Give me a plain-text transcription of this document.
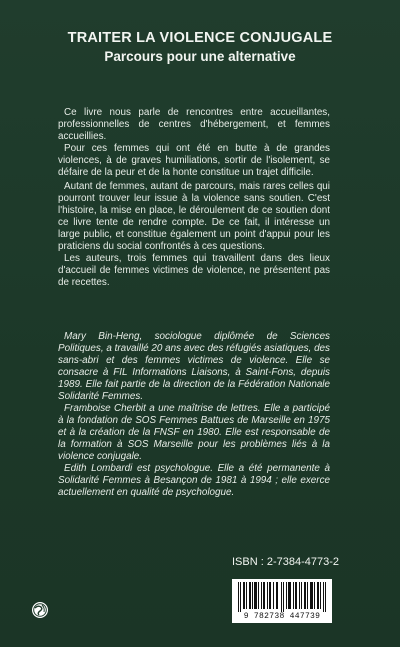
TRAITER LA VIOLENCE CONJUGALE
Parcours pour une alternative

Ce livre nous parle de rencontres entre accueillantes, professionnelles de centres d'hébergement, et femmes accueillies.

Pour ces femmes qui ont été en butte à de grandes violences, à de graves humiliations, sortir de l'isolement, se défaire de la peur et de la honte constitue un trajet difficile.

Autant de femmes, autant de parcours, mais rares celles qui pourront trouver leur issue à la violence sans soutien. C'est l'histoire, la mise en place, le déroulement de ce soutien dont ce livre tente de rendre compte. De ce fait, il intéresse un large public, et constitue également un point d'appui pour les praticiens du social confrontés à ces questions.

Les auteurs, trois femmes qui travaillent dans des lieux d'accueil de femmes victimes de violence, ne présentent pas de recettes.

Mary Bin-Heng, sociologue diplômée de Sciences Politiques, a travaillé 20 ans avec des réfugiés asiatiques, des sans-abri et des femmes victimes de violence. Elle se consacre à FIL Informations Liaisons, à Saint-Fons, depuis 1989. Elle fait partie de la direction de la Fédération Nationale Solidarité Femmes.

Framboise Cherbit a une maîtrise de lettres. Elle a participé à la fondation de SOS Femmes Battues de Marseille en 1975 et à la création de la FNSF en 1980. Elle est responsable de la formation à SOS Marseille pour les problèmes liés à la violence conjugale.

Edith Lombardi est psychologue. Elle a été permanente à Solidarité Femmes à Besançon de 1981 à 1994 ; elle exerce actuellement en qualité de psychologue.

ISBN : 2-7384-4773-2
9 782738 447739
